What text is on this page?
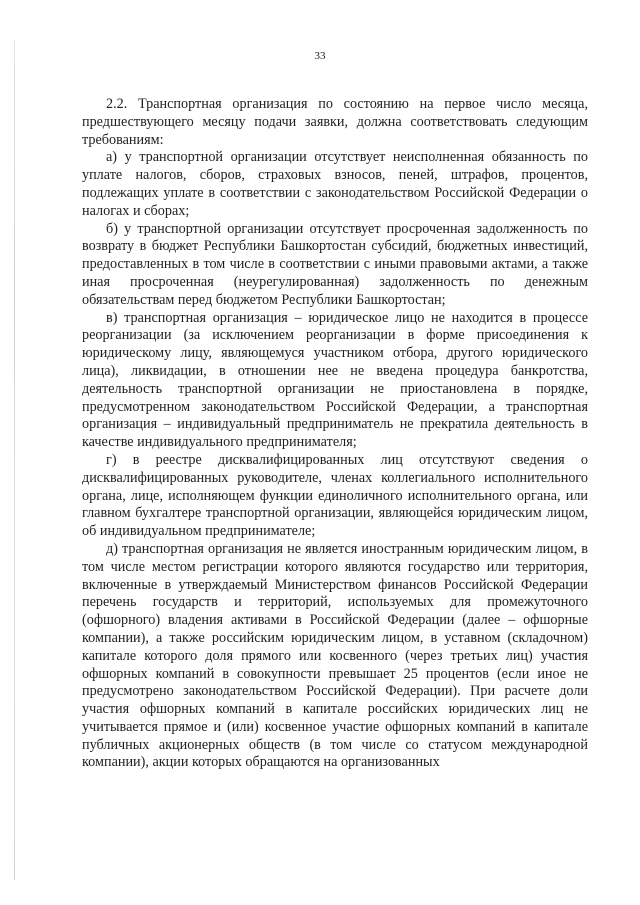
33

2.2. Транспортная организация по состоянию на первое число месяца, предшествующего месяцу подачи заявки, должна соответствовать следующим требованиям:

а) у транспортной организации отсутствует неисполненная обязанность по уплате налогов, сборов, страховых взносов, пеней, штрафов, процентов, подлежащих уплате в соответствии с законодательством Российской Федерации о налогах и сборах;

б) у транспортной организации отсутствует просроченная задолженность по возврату в бюджет Республики Башкортостан субсидий, бюджетных инвестиций, предоставленных в том числе в соответствии с иными правовыми актами, а также иная просроченная (неурегулированная) задолженность по денежным обязательствам перед бюджетом Республики Башкортостан;

в) транспортная организация – юридическое лицо не находится в процессе реорганизации (за исключением реорганизации в форме присоединения к юридическому лицу, являющемуся участником отбора, другого юридического лица), ликвидации, в отношении нее не введена процедура банкротства, деятельность транспортной организации не приостановлена в порядке, предусмотренном законодательством Российской Федерации, а транспортная организация – индивидуальный предприниматель не прекратила деятельность в качестве индивидуального предпринимателя;

г) в реестре дисквалифицированных лиц отсутствуют сведения о дисквалифицированных руководителе, членах коллегиального исполнительного органа, лице, исполняющем функции единоличного исполнительного органа, или главном бухгалтере транспортной организации, являющейся юридическим лицом, об индивидуальном предпринимателе;

д) транспортная организация не является иностранным юридическим лицом, в том числе местом регистрации которого являются государство или территория, включенные в утверждаемый Министерством финансов Российской Федерации перечень государств и территорий, используемых для промежуточного (офшорного) владения активами в Российской Федерации (далее – офшорные компании), а также российским юридическим лицом, в уставном (складочном) капитале которого доля прямого или косвенного (через третьих лиц) участия офшорных компаний в совокупности превышает 25 процентов (если иное не предусмотрено законодательством Российской Федерации). При расчете доли участия офшорных компаний в капитале российских юридических лиц не учитывается прямое и (или) косвенное участие офшорных компаний в капитале публичных акционерных обществ (в том числе со статусом международной компании), акции которых обращаются на организованных
